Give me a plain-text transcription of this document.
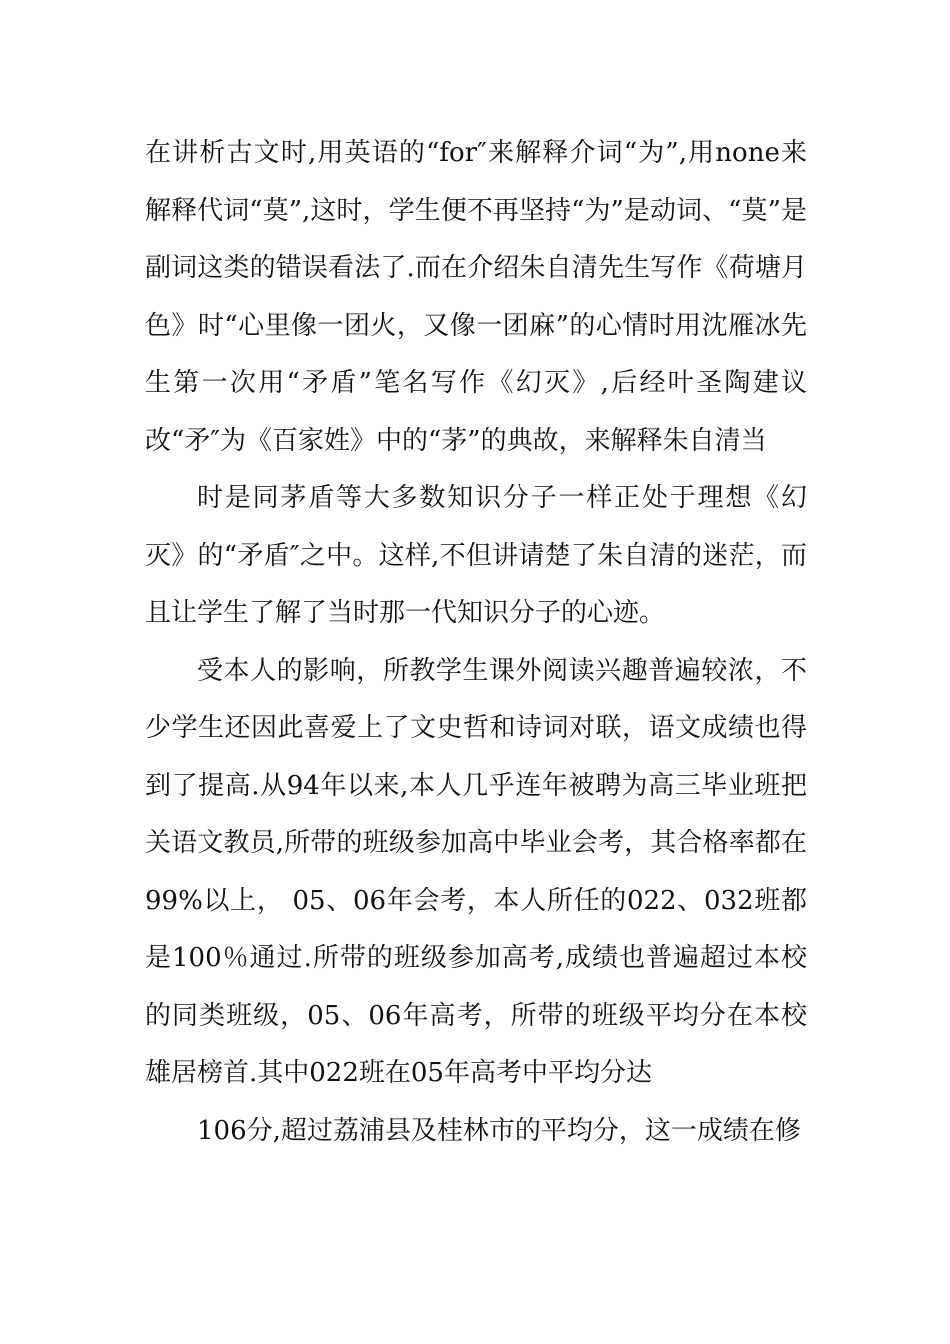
在讲析古文时,用英语的“for″来解释介词“为”,用none来解释代词“莫”,这时，学生便不再坚持“为”是动词、“莫”是副词这类的错误看法了.而在介绍朱自清先生写作《荷塘月色》时“心里像一团火，又像一团麻”的心情时用沈雁冰先生第一次用“矛盾”笔名写作《幻灭》,后经叶圣陶建议改“矛″为《百家姓》中的“茅”的典故，来解释朱自清当

时是同茅盾等大多数知识分子一样正处于理想《幻灭》的“矛盾″之中。这样,不但讲请楚了朱自清的迷茫，而且让学生了解了当时那一代知识分子的心迹。

受本人的影响，所教学生课外阅读兴趣普遍较浓，不少学生还因此喜爱上了文史哲和诗词对联，语文成绩也得到了提高.从94年以来,本人几乎连年被聘为高三毕业班把关语文教员,所带的班级参加高中毕业会考，其合格率都在99%以上， 05、06年会考，本人所任的022、032班都是100％通过.所带的班级参加高考,成绩也普遍超过本校的同类班级，05、06年高考，所带的班级平均分在本校雄居榜首.其中022班在05年高考中平均分达

106分,超过荔浦县及桂林市的平均分，这一成绩在修
